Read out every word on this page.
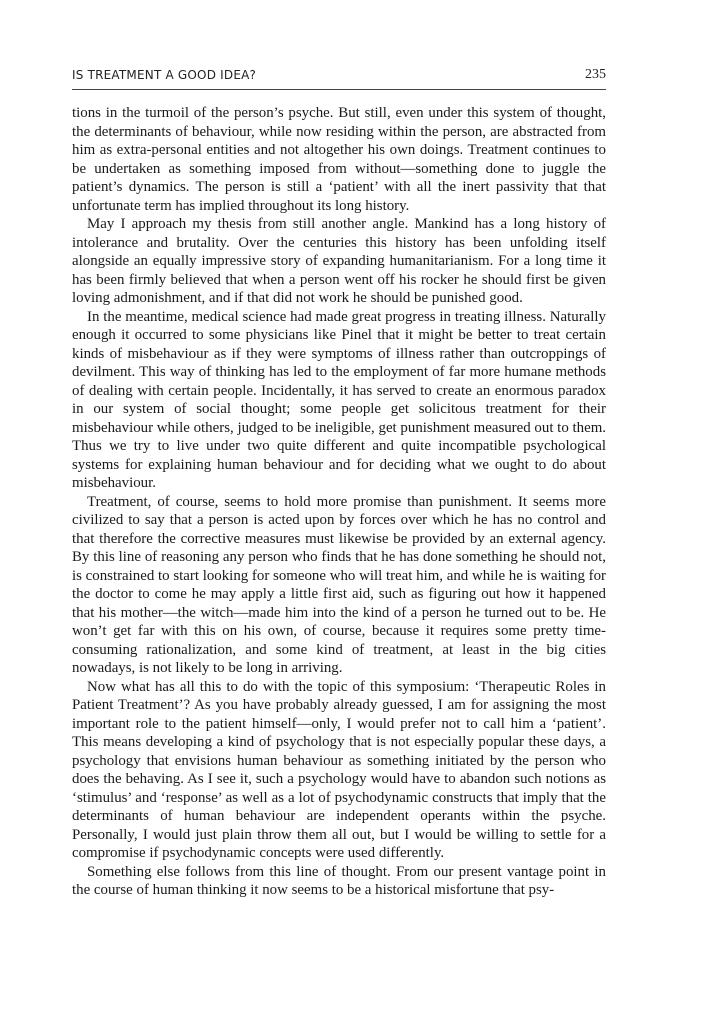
IS TREATMENT A GOOD IDEA?	235

tions in the turmoil of the person’s psyche. But still, even under this system of thought, the determinants of behaviour, while now residing within the person, are abstracted from him as extra-personal entities and not altogether his own doings. Treatment continues to be undertaken as something imposed from without—something done to juggle the patient’s dynamics. The person is still a ‘patient’ with all the inert passivity that that unfortunate term has implied throughout its long history.

May I approach my thesis from still another angle. Mankind has a long history of intolerance and brutality. Over the centuries this history has been unfolding itself alongside an equally impressive story of expanding humanitarianism. For a long time it has been firmly believed that when a person went off his rocker he should first be given loving admonishment, and if that did not work he should be punished good.

In the meantime, medical science had made great progress in treating illness. Naturally enough it occurred to some physicians like Pinel that it might be better to treat certain kinds of misbehaviour as if they were symptoms of illness rather than outcroppings of devilment. This way of thinking has led to the employment of far more humane methods of dealing with certain people. Incidentally, it has served to create an enormous paradox in our system of social thought; some people get solicitous treatment for their misbehaviour while others, judged to be ineligible, get punishment measured out to them. Thus we try to live under two quite different and quite incompatible psychological systems for explaining human behaviour and for deciding what we ought to do about misbehaviour.

Treatment, of course, seems to hold more promise than punishment. It seems more civilized to say that a person is acted upon by forces over which he has no control and that therefore the corrective measures must likewise be provided by an external agency. By this line of reasoning any person who finds that he has done something he should not, is constrained to start looking for someone who will treat him, and while he is waiting for the doctor to come he may apply a little first aid, such as figuring out how it happened that his mother—the witch—made him into the kind of a person he turned out to be. He won’t get far with this on his own, of course, because it requires some pretty time-consuming rationalization, and some kind of treatment, at least in the big cities nowadays, is not likely to be long in arriving.

Now what has all this to do with the topic of this symposium: ‘Therapeutic Roles in Patient Treatment’? As you have probably already guessed, I am for assigning the most important role to the patient himself—only, I would prefer not to call him a ‘patient’. This means developing a kind of psychology that is not especially popular these days, a psychology that envisions human behaviour as something initiated by the person who does the behaving. As I see it, such a psychology would have to abandon such notions as ‘stimulus’ and ‘response’ as well as a lot of psychodynamic constructs that imply that the determinants of human behaviour are independent operants within the psyche. Personally, I would just plain throw them all out, but I would be willing to settle for a compromise if psychodynamic concepts were used differently.

Something else follows from this line of thought. From our present vantage point in the course of human thinking it now seems to be a historical misfortune that psy-
